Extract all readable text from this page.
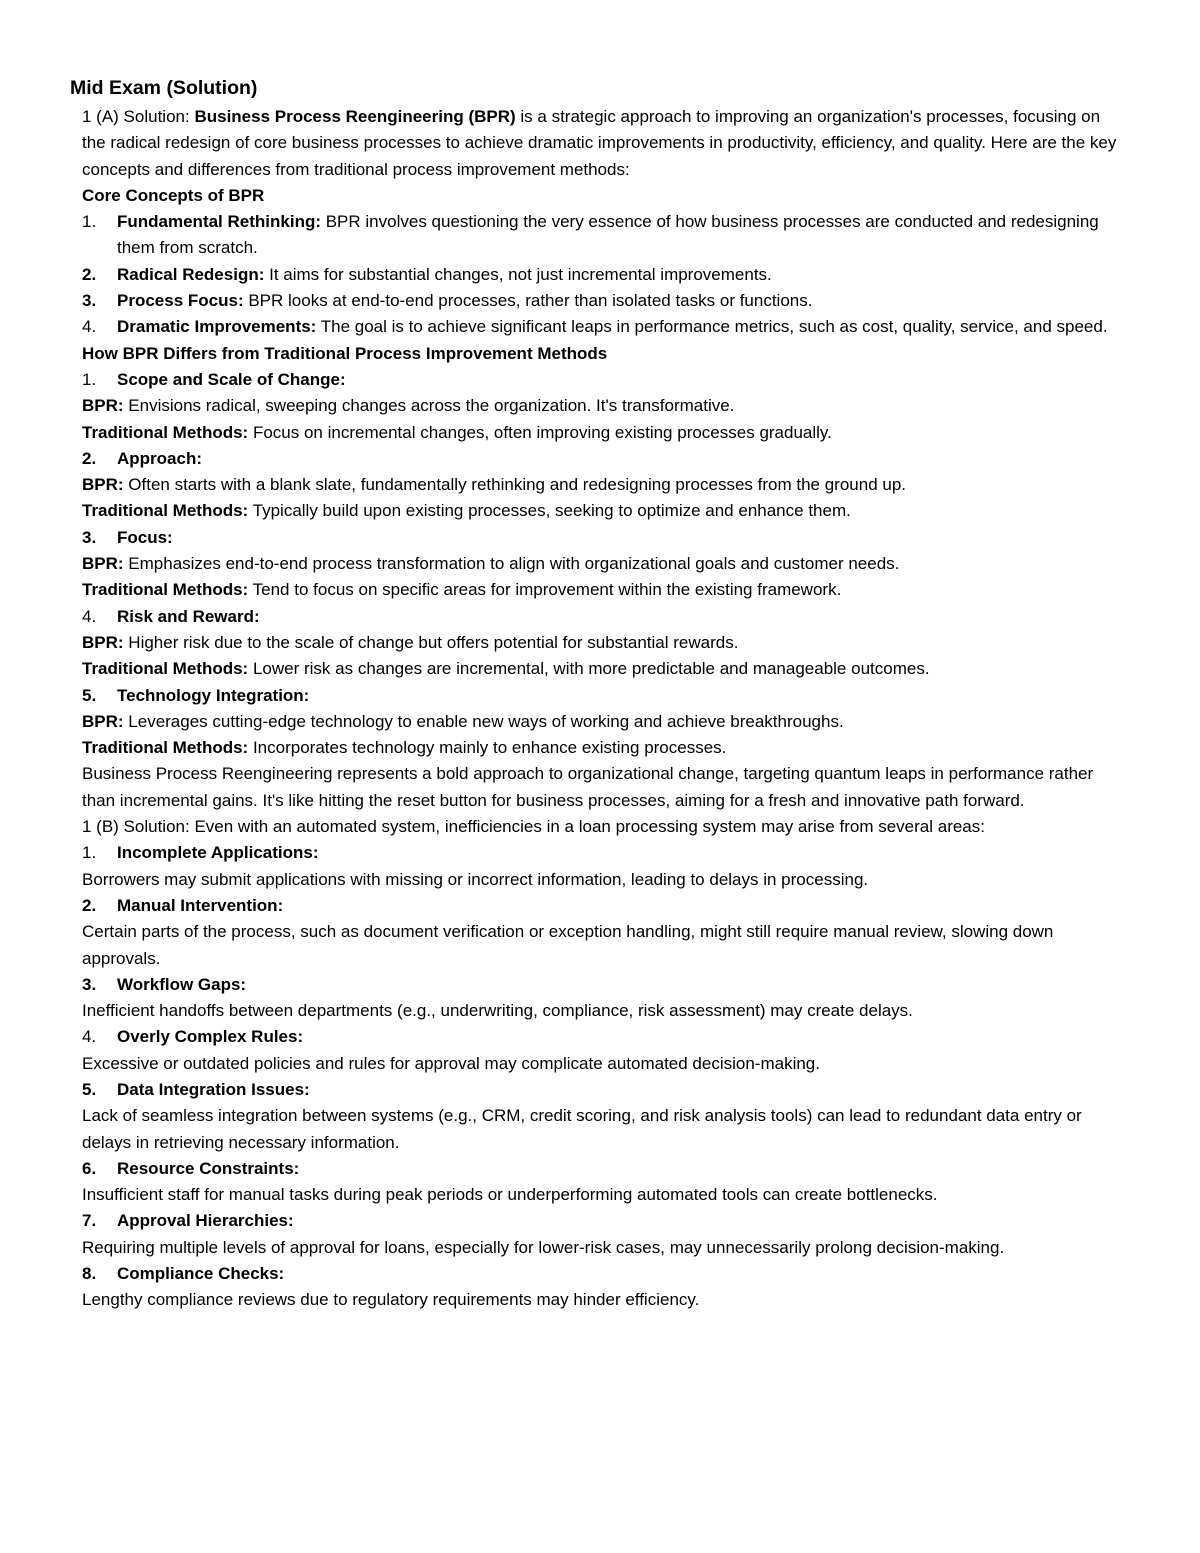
Mid Exam (Solution)

1 (A) Solution: Business Process Reengineering (BPR) is a strategic approach to improving an organization's processes, focusing on the radical redesign of core business processes to achieve dramatic improvements in productivity, efficiency, and quality. Here are the key concepts and differences from traditional process improvement methods:

Core Concepts of BPR

1.	Fundamental Rethinking: BPR involves questioning the very essence of how business processes are conducted and redesigning them from scratch.
2.	Radical Redesign: It aims for substantial changes, not just incremental improvements.
3.	Process Focus: BPR looks at end-to-end processes, rather than isolated tasks or functions.
4.	Dramatic Improvements: The goal is to achieve significant leaps in performance metrics, such as cost, quality, service, and speed.

How BPR Differs from Traditional Process Improvement Methods

1.	Scope and Scale of Change:

BPR: Envisions radical, sweeping changes across the organization. It's transformative.

Traditional Methods: Focus on incremental changes, often improving existing processes gradually.

2.	Approach:

BPR: Often starts with a blank slate, fundamentally rethinking and redesigning processes from the ground up.

Traditional Methods: Typically build upon existing processes, seeking to optimize and enhance them.

3.	Focus:

BPR: Emphasizes end-to-end process transformation to align with organizational goals and customer needs.

Traditional Methods: Tend to focus on specific areas for improvement within the existing framework.

4.	Risk and Reward:

BPR: Higher risk due to the scale of change but offers potential for substantial rewards.

Traditional Methods: Lower risk as changes are incremental, with more predictable and manageable outcomes.

5.	Technology Integration:

BPR: Leverages cutting-edge technology to enable new ways of working and achieve breakthroughs.

Traditional Methods: Incorporates technology mainly to enhance existing processes.

Business Process Reengineering represents a bold approach to organizational change, targeting quantum leaps in performance rather than incremental gains. It's like hitting the reset button for business processes, aiming for a fresh and innovative path forward.

1 (B) Solution: Even with an automated system, inefficiencies in a loan processing system may arise from several areas:

1.	Incomplete Applications:

Borrowers may submit applications with missing or incorrect information, leading to delays in processing.

2.	Manual Intervention:

Certain parts of the process, such as document verification or exception handling, might still require manual review, slowing down approvals.

3.	Workflow Gaps:

Inefficient handoffs between departments (e.g., underwriting, compliance, risk assessment) may create delays.

4.	Overly Complex Rules:

Excessive or outdated policies and rules for approval may complicate automated decision-making.

5.	Data Integration Issues:

Lack of seamless integration between systems (e.g., CRM, credit scoring, and risk analysis tools) can lead to redundant data entry or delays in retrieving necessary information.

6.	Resource Constraints:

Insufficient staff for manual tasks during peak periods or underperforming automated tools can create bottlenecks.

7.	Approval Hierarchies:

Requiring multiple levels of approval for loans, especially for lower-risk cases, may unnecessarily prolong decision-making.

8.	Compliance Checks:

Lengthy compliance reviews due to regulatory requirements may hinder efficiency.
